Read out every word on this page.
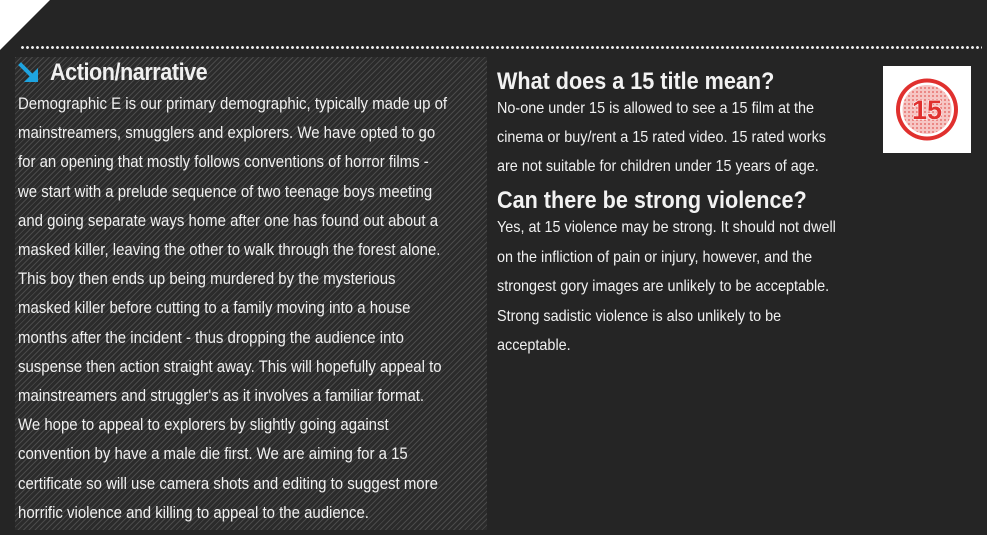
Action/narrative
Demographic E is our primary demographic, typically made up of
mainstreamers, smugglers and explorers. We have opted to go
for an opening that mostly follows conventions of horror films -
we start with a prelude sequence of two teenage boys meeting
and going separate ways home after one has found out about a
masked killer, leaving the other to walk through the forest alone.
This boy then ends up being murdered by the mysterious
masked killer before cutting to a family moving into a house
months after the incident - thus dropping the audience into
suspense then action straight away. This will hopefully appeal to
mainstreamers and struggler's as it involves a familiar format.
We hope to appeal to explorers by slightly going against
convention by have a male die first. We are aiming for a 15
certificate so will use camera shots and editing to suggest more
horrific violence and killing to appeal to the audience.
What does a 15 title mean?
No-one under 15 is allowed to see a 15 film at the
cinema or buy/rent a 15 rated video. 15 rated works
are not suitable for children under 15 years of age.
Can there be strong violence?
Yes, at 15 violence may be strong. It should not dwell
on the infliction of pain or injury, however, and the
strongest gory images are unlikely to be acceptable.
Strong sadistic violence is also unlikely to be
acceptable.
15
